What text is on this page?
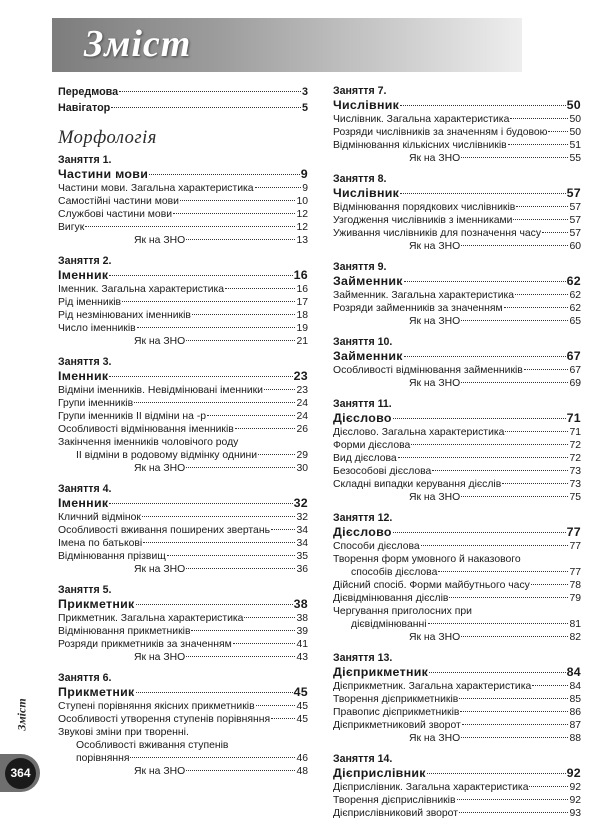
Зміст
Передмова	3
Навігатор	5
Морфологія
Заняття 1.
Частини мови	9
Частини мови. Загальна характеристика	9
Самостійні частини мови	10
Службові частини мови	12
Вигук	12
Як на ЗНО	13
Заняття 2.
Іменник	16
Іменник. Загальна характеристика	16
Рід іменників	17
Рід незмінюваних іменників	18
Число іменників	19
Як на ЗНО	21
Заняття 3.
Іменник	23
Відміни іменників. Невідмінювані іменники	23
Групи іменників	24
Групи іменників ІІ відміни на -р	24
Особливості відмінювання іменників	26
Закінчення іменників чоловічого роду
ІІ відміни в родовому відмінку однини	29
Як на ЗНО	30
Заняття 4.
Іменник	32
Кличний відмінок	32
Особливості вживання поширених звертань	34
Імена по батькові	34
Відмінювання прізвищ	35
Як на ЗНО	36
Заняття 5.
Прикметник	38
Прикметник. Загальна характеристика	38
Відмінювання прикметників	39
Розряди прикметників за значенням	41
Як на ЗНО	43
Заняття 6.
Прикметник	45
Ступені порівняння якісних прикметників	45
Особливості утворення ступенів порівняння	45
Звукові зміни при творенні.
Особливості вживання ступенів
порівняння	46
Як на ЗНО	48
Заняття 7.
Числівник	50
Числівник. Загальна характеристика	50
Розряди числівників за значенням і будовою 50
Відмінювання кількісних числівників	51
Як на ЗНО	55
Заняття 8.
Числівник	57
Відмінювання порядкових числівників	57
Узгодження числівників з іменниками	57
Уживання числівників для позначення часу	57
Як на ЗНО	60
Заняття 9.
Займенник	62
Займенник. Загальна характеристика	62
Розряди займенників за значенням	62
Як на ЗНО	65
Заняття 10.
Займенник	67
Особливості відмінювання займенників	67
Як на ЗНО	69
Заняття 11.
Дієслово	71
Дієслово. Загальна характеристика	71
Форми дієслова	72
Вид дієслова	72
Безособові дієслова	73
Складні випадки керування дієслів	73
Як на ЗНО	75
Заняття 12.
Дієслово	77
Способи дієслова	77
Творення форм умовного й наказового
способів дієслова	77
Дійсний спосіб. Форми майбутнього часу	78
Дієвідмінювання дієслів	79
Чергування приголосних при
дієвідмінюванні	81
Як на ЗНО	82
Заняття 13.
Дієприкметник	84
Дієприкметник. Загальна характеристика	84
Творення дієприкметників	85
Правопис дієприкметників	86
Дієприкметниковий зворот	87
Як на ЗНО	88
Заняття 14.
Дієприслівник	92
Дієприслівник. Загальна характеристика	92
Творення дієприслівників	92
Дієприслівниковий зворот	93
Зміст
364
